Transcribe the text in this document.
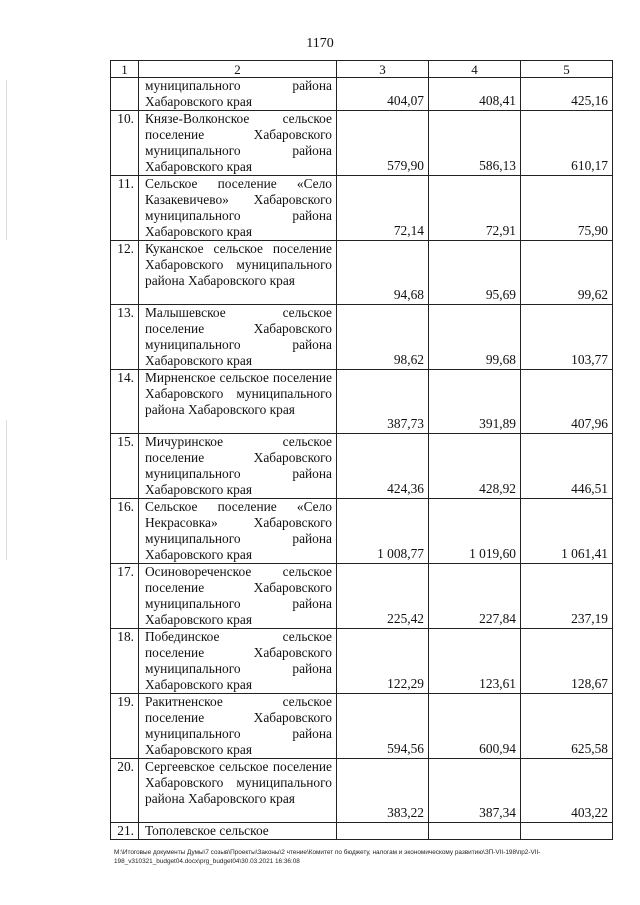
1170
1	2	3	4	5
	муниципального района Хабаровского края	404,07	408,41	425,16

10.	Князе-Волконское сельское поселение Хабаровского муниципального района Хабаровского края	579,90	586,13	610,17

11.	Сельское поселение «Село Казакевичево» Хабаровского муниципального района Хабаровского края	72,14	72,91	75,90

12.	Куканское сельское поселение Хабаровского муниципального района Хабаровского края	94,68	95,69	99,62

13.	Малышевское сельское поселение Хабаровского муниципального района Хабаровского края	98,62	99,68	103,77

14.	Мирненское сельское поселение Хабаровского муниципального района Хабаровского края	387,73	391,89	407,96

15.	Мичуринское сельское поселение Хабаровского муниципального района Хабаровского края	424,36	428,92	446,51

16.	Сельское поселение «Село Некрасовка» Хабаровского муниципального района Хабаровского края	1 008,77	1 019,60	1 061,41

17.	Осиновореченское сельское поселение Хабаровского муниципального района Хабаровского края	225,42	227,84	237,19

18.	Побединское сельское поселение Хабаровского муниципального района Хабаровского края	122,29	123,61	128,67

19.	Ракитненское сельское поселение Хабаровского муниципального района Хабаровского края	594,56	600,94	625,58

20.	Сергеевское сельское поселение Хабаровского муниципального района Хабаровского края	383,22	387,34	403,22

21.	Тополевское сельское	

M:\Итоговые документы Думы\7 созыв\Проекты\Законы\2 чтение\Комитет по бюджету, налогам и экономическому развитию\ЗП-VII-198\пр2-VII-198_v310321_budget04.docx\prg_budget04\30.03.2021 16:36:08
